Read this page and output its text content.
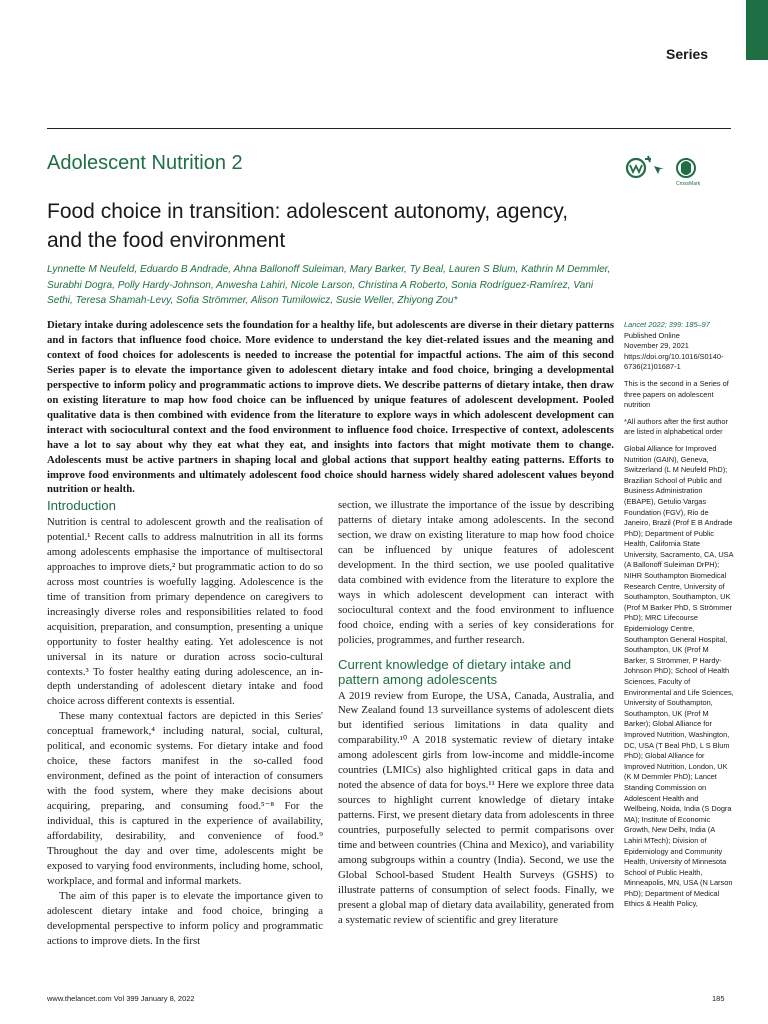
Series
Adolescent Nutrition 2
CrossMark
Food choice in transition: adolescent autonomy, agency, and the food environment
Lynnette M Neufeld, Eduardo B Andrade, Ahna Ballonoff Suleiman, Mary Barker, Ty Beal, Lauren S Blum, Kathrin M Demmler, Surabhi Dogra, Polly Hardy-Johnson, Anwesha Lahiri, Nicole Larson, Christina A Roberto, Sonia Rodríguez-Ramírez, Vani Sethi, Teresa Shamah-Levy, Sofia Strömmer, Alison Tumilowicz, Susie Weller, Zhiyong Zou*
Dietary intake during adolescence sets the foundation for a healthy life, but adolescents are diverse in their dietary patterns and in factors that influence food choice. More evidence to understand the key diet-related issues and the meaning and context of food choices for adolescents is needed to increase the potential for impactful actions. The aim of this second Series paper is to elevate the importance given to adolescent dietary intake and food choice, bringing a developmental perspective to inform policy and programmatic actions to improve diets. We describe patterns of dietary intake, then draw on existing literature to map how food choice can be influenced by unique features of adolescent development. Pooled qualitative data is then combined with evidence from the literature to explore ways in which adolescent development can interact with sociocultural context and the food environment to influence food choice. Irrespective of context, adolescents have a lot to say about why they eat what they eat, and insights into factors that might motivate them to change. Adolescents must be active partners in shaping local and global actions that support healthy eating patterns. Efforts to improve food environments and ultimately adolescent food choice should harness widely shared adolescent values beyond nutrition or health.
Introduction

Nutrition is central to adolescent growth and the realisation of potential.¹ Recent calls to address malnutrition in all its forms among adolescents emphasise the importance of multisectoral approaches to improve diets,² but programmatic action to do so across most countries is woefully lagging. Adolescence is the time of transition from primary dependence on caregivers to increasingly diverse roles and responsibilities related to food acquisition, preparation, and consumption, presenting a unique opportunity to foster healthy eating. Yet adolescence is not universal in its nature or duration across socio-cultural contexts.³ To foster healthy eating during adolescence, an in-depth understanding of adolescent dietary intake and food choice across different contexts is essential.

These many contextual factors are depicted in this Series' conceptual framework,⁴ including natural, social, cultural, political, and economic systems. For dietary intake and food choice, these factors manifest in the so-called food environment, defined as the point of interaction of consumers with the food system, where they make decisions about acquiring, preparing, and consuming food.⁵⁻⁸ For the individual, this is captured in the experience of availability, affordability, desirability, and convenience of food.⁹ Throughout the day and over time, adolescents might be exposed to varying food environments, including home, school, workplace, and formal and informal markets.

The aim of this paper is to elevate the importance given to adolescent dietary intake and food choice, bringing a developmental perspective to inform policy and programmatic actions to improve diets. In the first

section, we illustrate the importance of the issue by describing patterns of dietary intake among adolescents. In the second section, we draw on existing literature to map how food choice can be influenced by unique features of adolescent development. In the third section, we use pooled qualitative data combined with evidence from the literature to explore the ways in which adolescent development can interact with sociocultural context and the food environment to influence food choice, ending with a series of key considerations for policies, programmes, and further research.

Current knowledge of dietary intake and pattern among adolescents

A 2019 review from Europe, the USA, Canada, Australia, and New Zealand found 13 surveillance systems of adolescent diets but identified serious limitations in data quality and comparability.¹⁰ A 2018 systematic review of dietary intake among adolescent girls from low-income and middle-income countries (LMICs) also highlighted critical gaps in data and noted the absence of data for boys.¹¹ Here we explore three data sources to highlight current knowledge of dietary intake patterns. First, we present dietary data from adolescents in three countries, purposefully selected to permit comparisons over time and between countries (China and Mexico), and variability among subgroups within a country (India). Second, we use the Global School-based Student Health Surveys (GSHS) to illustrate patterns of consumption of select foods. Finally, we present a global map of dietary data availability, generated from a systematic review of scientific and grey literature

Lancet 2022; 399: 185–97
Published Online
November 29, 2021
https://doi.org/10.1016/S0140-6736(21)01687-1
This is the second in a Series of three papers on adolescent nutrition
*All authors after the first author are listed in alphabetical order
Global Alliance for Improved Nutrition (GAIN), Geneva, Switzerland (L M Neufeld PhD); Brazilian School of Public and Business Administration (EBAPE), Getulio Vargas Foundation (FGV), Rio de Janeiro, Brazil (Prof E B Andrade PhD); Department of Public Health, California State University, Sacramento, CA, USA (A Ballonoff Suleiman DrPH); NIHR Southampton Biomedical Research Centre, University of Southampton, Southampton, UK (Prof M Barker PhD, S Strömmer PhD); MRC Lifecourse Epidemiology Centre, Southampton General Hospital, Southampton, UK (Prof M Barker, S Strömmer, P Hardy-Johnson PhD); School of Health Sciences, Faculty of Environmental and Life Sciences, University of Southampton, Southampton, UK (Prof M Barker); Global Alliance for Improved Nutrition, Washington, DC, USA (T Beal PhD, L S Blum PhD); Global Alliance for Improved Nutrition, London, UK (K M Demmler PhD); Lancet Standing Commission on Adolescent Health and Wellbeing, Noida, India (S Dogra MA); Institute of Economic Growth, New Delhi, India (A Lahiri MTech); Division of Epidemiology and Community Health, University of Minnesota School of Public Health, Minneapolis, MN, USA (N Larson PhD); Department of Medical Ethics & Health Policy,
www.thelancet.com Vol 399 January 8, 2022	185
